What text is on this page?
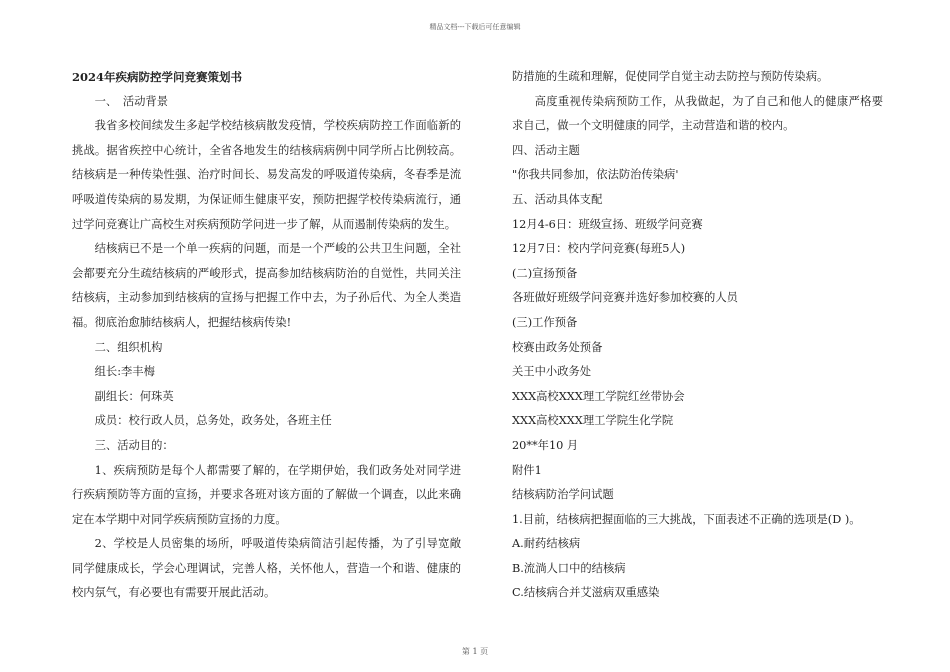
精品文档---下载后可任意编辑

2024年疾病防控学问竞赛策划书

一、　活动背景

我省多校间续发生多起学校结核病散发疫情，学校疾病防控工作面临新的挑战。据省疾控中心统计，全省各地发生的结核病病例中同学所占比例较高。结核病是一种传染性强、治疗时间长、易发高发的呼吸道传染病，冬春季是流呼吸道传染病的易发期，为保证师生健康平安，预防把握学校传染病流行，通过学问竞赛让广高校生对疾病预防学问进一步了解，从而遏制传染病的发生。

结核病已不是一个单一疾病的问题，而是一个严峻的公共卫生问题，全社会都要充分生疏结核病的严峻形式，提高参加结核病防治的自觉性，共同关注结核病，主动参加到结核病的宣扬与把握工作中去，为子孙后代、为全人类造福。彻底治愈肺结核病人，把握结核病传染!

二、组织机构

组长:李丰梅

副组长：何珠英

成员：校行政人员，总务处，政务处，各班主任

三、活动目的：

1、疾病预防是每个人都需要了解的，在学期伊始，我们政务处对同学进行疾病预防等方面的宣扬，并要求各班对该方面的了解做一个调查，以此来确定在本学期中对同学疾病预防宣扬的力度。

2、学校是人员密集的场所，呼吸道传染病简洁引起传播，为了引导宽敞同学健康成长，学会心理调试，完善人格，关怀他人，营造一个和谐、健康的校内氛气，有必要也有需要开展此活动。

防措施的生疏和理解，促使同学自觉主动去防控与预防传染病。

高度重视传染病预防工作，从我做起，为了自己和他人的健康严格要求自己，做一个文明健康的同学，主动营造和谐的校内。

四、活动主题

"你我共同参加，依法防治传染病'

五、活动具体支配

12月4-6日：班级宣扬、班级学问竞赛

12月7日：校内学问竞赛(每班5人)

(二)宣扬预备

各班做好班级学问竞赛并选好参加校赛的人员

(三)工作预备

校赛由政务处预备

关王中小政务处

XXX高校XXX理工学院红丝带协会

XXX高校XXX理工学院生化学院

20**年10 月

附件1

结核病防治学问试题

1.目前，结核病把握面临的三大挑战，下面表述不正确的选项是(D )。

A.耐药结核病

B.流淌人口中的结核病

C.结核病合并艾滋病双重感染

第 1 页
